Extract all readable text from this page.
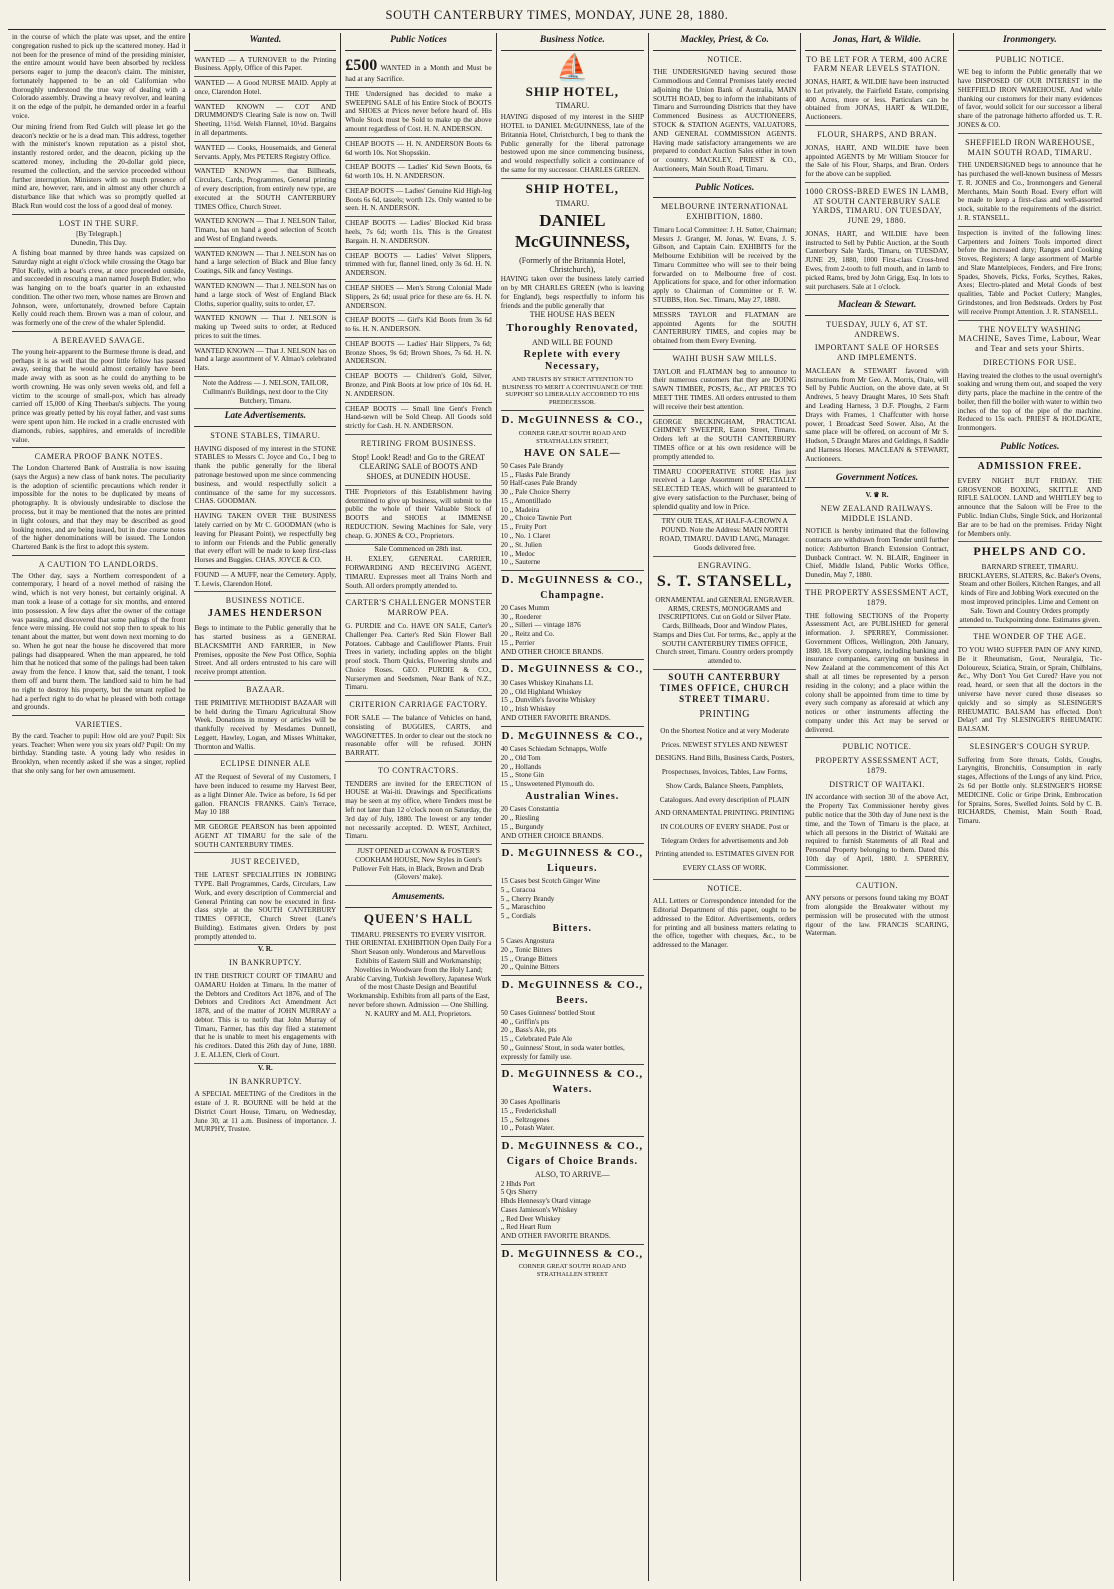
SOUTH CANTERBURY TIMES, MONDAY, JUNE 28, 1880.

in the course of which the plate was upset, and the entire congregation rushed to pick up the scattered money. Had it not been for the presence of mind of the presiding minister, the entire amount would have been absorbed by reckless persons eager to jump the deacon's claim. The minister, fortunately happened to be an old Californian who thoroughly understood the true way of dealing with a Colorado assembly. Drawing a heavy revolver, and leaning it on the edge of the pulpit, he demanded order in a fearful voice.

Our mining friend from Red Gulch will please let go the deacon's necktie or he is a dead man. This address, together with the minister's known reputation as a pistol shot, instantly restored order, and the deacon, picking up the scattered money, including the 20-dollar gold piece, resumed the collection, and the service proceeded without further interruption. Ministers with so much presence of mind are, however, rare, and in almost any other church a disturbance like that which was so promptly quelled at Black Run would cost the loss of a good deal of money.

LOST IN THE SURF.
[By Telegraph.]
Dunedin, This Day.

A fishing boat manned by three hands was capsized on Saturday night at eight o'clock while crossing the Otago bar Pilot Kelly, with a boat's crew, at once proceeded outside, and succeeded in rescuing a man named Joseph Butler, who was hanging on to the boat's quarter in an exhausted condition. The other two men, whose names are Brown and Johnson, were, unfortunately, drowned before Captain Kelly could reach them. Brown was a man of colour, and was formerly one of the crew of the whaler Splendid.

A BEREAVED SAVAGE.

The young heir-apparent to the Burmese throne is dead, and perhaps it is as well that the poor little fellow has passed away, seeing that he would almost certainly have been made away with as soon as he could do anything to be worth crowning. He was only seven weeks old, and fell a victim to the scourge of small-pox, which has already carried off 15,000 of King Theebau's subjects. The young prince was greatly petted by his royal father, and vast sums were spent upon him. He rocked in a cradle encrusted with diamonds, rubies, sapphires, and emeralds of incredible value.

CAMERA PROOF BANK NOTES.

The London Chartered Bank of Australia is now issuing (says the Argus) a new class of bank notes. The peculiarity is the adoption of scientific precautions which render it impossible for the notes to be duplicated by means of photography. It is obviously undesirable to disclose the process, but it may be mentioned that the notes are printed in light colours, and that they may be described as good looking notes, and are being issued, but in due course notes of the higher denominations will be issued. The London Chartered Bank is the first to adopt this system.

A CAUTION TO LANDLORDS.

The Other day, says a Northern correspondent of a contemporary, I heard of a novel method of raising the wind, which is not very honest, but certainly original. A man took a lease of a cottage for six months, and entered into possession. A few days after the owner of the cottage was passing, and discovered that some palings of the front fence were missing. He could not stop then to speak to his tenant about the matter, but went down next morning to do so. When he got near the house he discovered that more palings had disappeared. When the man appeared, he told him that he noticed that some of the palings had been taken away from the fence. I know that, said the tenant, I took them off and burnt them. The landlord said to him he had no right to destroy his property, but the tenant replied he had a perfect right to do what he pleased with both cottage and grounds.

VARIETIES.

By the card. Teacher to pupil: How old are you? Pupil: Six years. Teacher: When were you six years old? Pupil: On my birthday. Standing taste. A young lady who resides in Brooklyn, when recently asked if she was a singer, replied that she only sang for her own amusement.

Wanted.
WANTED — A TURNOVER to the Printing Business. Apply, Office of this Paper.
WANTED — A Good NURSE MAID. Apply at once, Clarendon Hotel.
WANTED KNOWN — COT AND DRUMMOND'S Clearing Sale is now on. Twill Sheeting, 11½d. Welsh Flannel, 10½d. Bargains in all departments.
WANTED — Cooks, Housemaids, and General Servants. Apply, Mrs PETERS Registry Office.
WANTED KNOWN — that Billheads, Circulars, Cards, Programmes, General printing of every description, from entirely new type, are executed at the SOUTH CANTERBURY TIMES Office, Church Street.
WANTED KNOWN — That J. NELSON Tailor, Timaru, has on hand a good selection of Scotch and West of England tweeds.
WANTED KNOWN — That J. NELSON has on hand a large selection of Black and Blue fancy Coatings, Silk and fancy Vestings.
WANTED KNOWN — That J. NELSON has on hand a large stock of West of England Black Cloths, superior quality, suits to order, £7.
WANTED KNOWN — That J. NELSON is making up Tweed suits to order, at Reduced prices to suit the times.
WANTED KNOWN — That J. NELSON has on hand a large assortment of V. Almao's celebrated Hats.
Note the Address — J. NELSON, TAILOR, Cullmann's Buildings, next door to the City Butchery, Timaru.
Late Advertisements.
STONE STABLES, TIMARU.
HAVING disposed of my interest in the STONE STABLES to Messrs C. Joyce and Co., I beg to thank the public generally for the liberal patronage bestowed upon me since commencing business, and would respectfully solicit a continuance of the same for my successors. CHAS. GOODMAN.
HAVING TAKEN OVER THE BUSINESS lately carried on by Mr C. GOODMAN (who is leaving for Pleasant Point), we respectfully beg to inform our Friends and the Public generally that every effort will be made to keep first-class Horses and Buggies. CHAS. JOYCE & CO.
FOUND — A MUFF, near the Cemetery. Apply, T. Lewis, Clarendon Hotel.
BUSINESS NOTICE.
JAMES HENDERSON
Begs to intimate to the Public generally that he has started business as a GENERAL BLACKSMITH AND FARRIER, in New Premises, opposite the New Post Office, Sophia Street. And all orders entrusted to his care will receive prompt attention.
BAZAAR.
THE PRIMITIVE METHODIST BAZAAR will be held during the Timaru Agricultural Show Week. Donations in money or articles will be thankfully received by Mesdames Dunnell, Leggett, Hawley, Logan, and Misses Whittaker, Thornton and Wallis.
ECLIPSE DINNER ALE
AT the Request of Several of my Customers, I have been induced to resume my Harvest Beer, as a light Dinner Ale. Twice as before, 1s 6d per gallon. FRANCIS FRANKS. Cain's Terrace, May 10 188
MR GEORGE PEARSON has been appointed AGENT AT TIMARU for the sale of the SOUTH CANTERBURY TIMES.
JUST RECEIVED,
THE LATEST SPECIALITIES IN JOBBING TYPE. Ball Programmes, Cards, Circulars, Law Work, and every description of Commercial and General Printing can now be executed in first-class style at the SOUTH CANTERBURY TIMES OFFICE, Church Street (Lane's Building). Estimates given. Orders by post promptly attended to.
V. R.
IN BANKRUPTCY.
IN THE DISTRICT COURT OF TIMARU and OAMARU Holden at Timaru. In the matter of the Debtors and Creditors Act 1876, and of The Debtors and Creditors Act Amendment Act 1878, and of the matter of JOHN MURRAY a debtor. This is to notify that John Murray of Timaru, Farmer, has this day filed a statement that he is unable to meet his engagements with his creditors. Dated this 26th day of June, 1880. J. E. ALLEN, Clerk of Court.
V. R.
IN BANKRUPTCY.
A SPECIAL MEETING of the Creditors in the estate of J. R. BOURNE will be held at the District Court House, Timaru, on Wednesday, June 30, at 11 a.m. Business of importance. J. MURPHY, Trustee.
Public Notices
£500 WANTED in a Month and Must be had at any Sacrifice.
THE Undersigned has decided to make a SWEEPING SALE of his Entire Stock of BOOTS and SHOES at Prices never before heard of. His Whole Stock must be Sold to make up the above amount regardless of Cost. H. N. ANDERSON.
CHEAP BOOTS — H. N. ANDERSON Boots 6s 6d worth 10s. Not Shopsskin.
CHEAP BOOTS — Ladies' Kid Sewn Boots, 6s 6d worth 10s. H. N. ANDERSON.
CHEAP BOOTS — Ladies' Genuine Kid High-leg Boots 6s 6d, tassels; worth 12s. Only wanted to be seen. H. N. ANDERSON.
CHEAP BOOTS — Ladies' Blocked Kid brass heels, 7s 6d; worth 11s. This is the Greatest Bargain. H. N. ANDERSON.
CHEAP BOOTS — Ladies' Velvet Slippers, trimmed with fur, flannel lined, only 3s 6d. H. N. ANDERSON.
CHEAP SHOES — Men's Strong Colonial Made Slippers, 2s 6d; usual price for these are 6s. H. N. ANDERSON.
CHEAP BOOTS — Girl's Kid Boots from 3s 6d to 6s. H. N. ANDERSON.
CHEAP BOOTS — Ladies' Hair Slippers, 7s 6d; Bronze Shoes, 9s 6d; Brown Shoes, 7s 6d. H. N. ANDERSON.
CHEAP BOOTS — Children's Gold, Silver, Bronze, and Pink Boots at low price of 10s 6d. H. N. ANDERSON.
CHEAP BOOTS — Small line Gent's French Hand-sewn will be Sold Cheap. All Goods sold strictly for Cash. H. N. ANDERSON.
RETIRING FROM BUSINESS.
Stop! Look! Read! and Go to the GREAT CLEARING SALE of BOOTS AND SHOES, at DUNEDIN HOUSE.
THE Proprietors of this Establishment having determined to give up business, will submit to the public the whole of their Valuable Stock of BOOTS and SHOES at IMMENSE REDUCTION. Sewing Machines for Sale, very cheap. G. JONES & CO., Proprietors.
Sale Commenced on 28th inst.
H. EXLEY, GENERAL CARRIER, FORWARDING AND RECEIVING AGENT, TIMARU. Expresses meet all Trains North and South. All orders promptly attended to.
CARTER'S CHALLENGER MONSTER MARROW PEA.
G. PURDIE and Co. HAVE ON SALE, Carter's Challenger Pea. Carter's Red Skin Flower Ball Potatoes. Cabbage and Cauliflower Plants. Fruit Trees in variety, including apples on the blight proof stock. Thorn Quicks, Flowering shrubs and Choice Roses. GEO. PURDIE & CO., Nurserymen and Seedsmen, Near Bank of N.Z., Timaru.
CRITERION CARRIAGE FACTORY.
FOR SALE — The balance of Vehicles on hand, consisting of BUGGIES, CARTS, and WAGONETTES. In order to clear out the stock no reasonable offer will be refused. JOHN BARRATT.
TO CONTRACTORS.
TENDERS are invited for the ERECTION of HOUSE at Wai-iti. Drawings and Specifications may be seen at my office, where Tenders must be left not later than 12 o'clock noon on Saturday, the 3rd day of July, 1880. The lowest or any tender not necessarily accepted. D. WEST, Architect, Timaru.
JUST OPENED at COWAN & FOSTER'S COOKHAM HOUSE, New Styles in Gent's Pullover Felt Hats, in Black, Brown and Drab (Glovers' make).
Amusements.
QUEEN'S HALL
TIMARU. PRESENTS TO EVERY VISITOR. THE ORIENTAL EXHIBITION Open Daily For a Short Season only. Wonderous and Marvellous Exhibits of Eastern Skill and Workmanship; Novelties in Woodware from the Holy Land; Arabic Carving, Turkish Jewellery, Japanese Work of the most Chaste Design and Beautiful Workmanship. Exhibits from all parts of the East, never before shown. Admission — One Shilling. N. KAURY and M. ALI, Proprietors.
Business Notice.
⛵
SHIP HOTEL,
TIMARU.
HAVING disposed of my interest in the SHIP HOTEL to DANIEL McGUINNESS, late of the Britannia Hotel, Christchurch, I beg to thank the Public generally for the liberal patronage bestowed upon me since commencing business, and would respectfully solicit a continuance of the same for my successor. CHARLES GREEN.
SHIP HOTEL,
TIMARU.
DANIEL McGUINNESS,
(Formerly of the Britannia Hotel, Christchurch),
HAVING taken over the business lately carried on by MR CHARLES GREEN (who is leaving for England), begs respectfully to inform his friends and the public generally that
THE HOUSE HAS BEEN
Thoroughly Renovated,
AND WILL BE FOUND
Replete with every Necessary,
AND TRUSTS BY STRICT ATTENTION TO BUSINESS TO MERIT A CONTINUANCE OF THE SUPPORT SO LIBERALLY ACCORDED TO HIS PREDECESSOR.
D. McGUINNESS & CO.,
CORNER GREAT SOUTH ROAD AND STRATHALLEN STREET,
HAVE ON SALE—
50 Cases Pale Brandy
15 ,, Flasks Pale Brandy
50 Half-cases Pale Brandy
30 ,, Pale Choice Sherry
15 ,, Amontillado
10 ,, Madeira
20 ,, Choice Tawnie Port
15 ,, Fruity Port
10 ,, No. 1 Claret
20 ,, St. Julien
10 ,, Medoc
10 ,, Sauterne
D. McGUINNESS & CO.,
Champagne.
20 Cases Mumm
30 ,, Roederer
20 ,, Silleri — vintage 1876
20 ,, Reitz and Co.
15 ,, Perrier
AND OTHER CHOICE BRANDS.
D. McGUINNESS & CO.,
30 Cases Whiskey Kinahans LL
20 ,, Old Highland Whiskey
15 ,, Dunville's favorite Whiskey
10 ,, Irish Whiskey
AND OTHER FAVORITE BRANDS.
D. McGUINNESS & CO.,
40 Cases Schiedam Schnapps, Wolfe
20 ,, Old Tom
20 ,, Hollands
15 ,, Stone Gin
15 ,, Unsweetened Plymouth do.
Australian Wines.
20 Cases Constantia
20 ,, Riesling
15 ,, Burgundy
AND OTHER CHOICE BRANDS.
D. McGUINNESS & CO.,
Liqueurs.
15 Cases best Scotch Ginger Wine
5 ,, Curacoa
5 ,, Cherry Brandy
5 ,, Maraschino
5 ,, Cordials
Bitters.
5 Cases Angostura
20 ,, Tonic Bitters
15 ,, Orange Bitters
20 ,, Quinine Bitters
D. McGUINNESS & CO.,
Beers.
50 Cases Guinness' bottled Stout
40 ,, Griffin's pts
20 ,, Bass's Ale, pts
15 ,, Celebrated Pale Ale
50 ,, Guinness' Stout, in soda water bottles, expressly for family use.
D. McGUINNESS & CO.,
Waters.
30 Cases Apollinaris
15 ,, Frederickshall
15 ,, Seltzogenes
10 ,, Potash Water.
D. McGUINNESS & CO.,
Cigars of Choice Brands.
ALSO, TO ARRIVE—
2 Hhds Port
5 Qrs Sherry
Hhds Hennessy's Otard vintage
Cases Jamieson's Whiskey
,, Red Deer Whiskey
,, Red Heart Rum
AND OTHER FAVORITE BRANDS.
D. McGUINNESS & CO.,
CORNER GREAT SOUTH ROAD AND STRATHALLEN STREET
Mackley, Priest, & Co.
NOTICE.
THE UNDERSIGNED having secured those Commodious and Central Premises lately erected adjoining the Union Bank of Australia, MAIN SOUTH ROAD, beg to inform the inhabitants of Timaru and Surrounding Districts that they have Commenced Business as AUCTIONEERS, STOCK & STATION AGENTS, VALUATORS, AND GENERAL COMMISSION AGENTS. Having made satisfactory arrangements we are prepared to conduct Auction Sales either in town or country. MACKLEY, PRIEST & CO., Auctioneers, Main South Road, Timaru.
Public Notices.
MELBOURNE INTERNATIONAL EXHIBITION, 1880.
Timaru Local Committee: J. H. Sutter, Chairman; Messrs J. Granger, M. Jonas, W. Evans, J. S. Gibson, and Captain Cain. EXHIBITS for the Melbourne Exhibition will be received by the Timaru Committee who will see to their being forwarded on to Melbourne free of cost. Applications for space, and for other information apply to Chairman of Committee or F. W. STUBBS, Hon. Sec. Timaru, May 27, 1880.
MESSRS TAYLOR and FLATMAN are appointed Agents for the SOUTH CANTERBURY TIMES, and copies may be obtained from them Every Evening.
WAIHI BUSH SAW MILLS.
TAYLOR and FLATMAN beg to announce to their numerous customers that they are DOING SAWN TIMBER, POSTS, &c., AT PRICES TO MEET THE TIMES. All orders entrusted to them will receive their best attention.
GEORGE BECKINGHAM, PRACTICAL CHIMNEY SWEEPER, Eaton Street, Timaru. Orders left at the SOUTH CANTERBURY TIMES office or at his own residence will be promptly attended to.
TIMARU COOPERATIVE STORE Has just received a Large Assortment of SPECIALLY SELECTED TEAS, which will be guaranteed to give every satisfaction to the Purchaser, being of splendid quality and low in Price.
TRY OUR TEAS, AT HALF-A-CROWN A POUND. Note the Address: MAIN NORTH ROAD, TIMARU. DAVID LANG, Manager. Goods delivered free.
ENGRAVING.
S. T. STANSELL,
ORNAMENTAL and GENERAL ENGRAVER. ARMS, CRESTS, MONOGRAMS and INSCRIPTIONS. Cut on Gold or Silver Plate. Cards, Billheads, Door and Window Plates, Stamps and Dies Cut. For terms, &c., apply at the SOUTH CANTERBURY TIMES OFFICE, Church street, Timaru. Country orders promptly attended to.
SOUTH CANTERBURY TIMES OFFICE, CHURCH STREET TIMARU.
PRINTING
On the Shortest Notice and at very Moderate Prices. NEWEST STYLES AND NEWEST DESIGNS. Hand Bills, Business Cards, Posters, Prospectuses, Invoices, Tables, Law Forms, Show Cards, Balance Sheets, Pamphlets, Catalogues. And every description of PLAIN AND ORNAMENTAL PRINTING. PRINTING IN COLOURS OF EVERY SHADE. Post or Telegram Orders for advertisements and Job Printing attended to. ESTIMATES GIVEN FOR EVERY CLASS OF WORK.
NOTICE.
ALL Letters or Correspondence intended for the Editorial Department of this paper, ought to be addressed to the Editor. Advertisements, orders for printing and all business matters relating to the office, together with cheques, &c., to be addressed to the Manager.
Jonas, Hart, & Wildie.
TO BE LET FOR A TERM, 400 ACRE FARM NEAR LEVELS STATION.
JONAS, HART, & WILDIE have been instructed to Let privately, the Fairfield Estate, comprising 400 Acres, more or less. Particulars can be obtained from JONAS, HART & WILDIE, Auctioneers.
FLOUR, SHARPS, AND BRAN.
JONAS, HART, AND WILDIE have been appointed AGENTS by Mr William Stoucer for the Sale of his Flour, Sharps, and Bran. Orders for the above can be supplied.
1000 CROSS-BRED EWES IN LAMB, AT SOUTH CANTERBURY SALE YARDS, TIMARU. ON TUESDAY, JUNE 29, 1880.
JONAS, HART, and WILDIE have been instructed to Sell by Public Auction, at the South Canterbury Sale Yards, Timaru, on TUESDAY, JUNE 29, 1880, 1000 First-class Cross-bred Ewes, from 2-tooth to full mouth, and in lamb to picked Rams, bred by John Grigg, Esq. In lots to suit purchasers. Sale at 1 o'clock.
Maclean & Stewart.
TUESDAY, JULY 6, AT ST. ANDREWS.
IMPORTANT SALE OF HORSES AND IMPLEMENTS.
MACLEAN & STEWART favored with instructions from Mr Geo. A. Morris, Otaio, will Sell by Public Auction, on the above date, at St Andrews, 5 heavy Draught Mares, 10 Sets Shaft and Leading Harness, 3 D.F. Ploughs, 2 Farm Drays with Frames, 1 Chaffcutter with horse power, 1 Broadcast Seed Sower. Also, At the same place will be offered, on account of Mr S. Hudson, 5 Draught Mares and Geldings, 8 Saddle and Harness Horses. MACLEAN & STEWART, Auctioneers.
Government Notices.
V. ♛ R.
NEW ZEALAND RAILWAYS. MIDDLE ISLAND.
NOTICE is hereby intimated that the following contracts are withdrawn from Tender until further notice: Ashburton Branch Extension Contract, Dunback Contract. W. N. BLAIR, Engineer in Chief, Middle Island, Public Works Office, Dunedin, May 7, 1880.
THE PROPERTY ASSESSMENT ACT, 1879.
THE following SECTIONS of the Property Assessment Act, are PUBLISHED for general information. J. SPERREY, Commissioner. Government Offices, Wellington, 20th January, 1880. 18. Every company, including banking and insurance companies, carrying on business in New Zealand at the commencement of this Act shall at all times be represented by a person residing in the colony; and a place within the colony shall be appointed from time to time by every such company as aforesaid at which any notices or other instruments affecting the company under this Act may be served or delivered.
PUBLIC NOTICE.
PROPERTY ASSESSMENT ACT, 1879.
DISTRICT OF WAITAKI.
IN accordance with section 30 of the above Act, the Property Tax Commissioner hereby gives public notice that the 30th day of June next is the time, and the Town of Timaru is the place, at which all persons in the District of Waitaki are required to furnish Statements of all Real and Personal Property belonging to them. Dated this 10th day of April, 1880. J. SPERREY, Commissioner.
CAUTION.
ANY persons or persons found taking my BOAT from alongside the Breakwater without my permission will be prosecuted with the utmost rigour of the law. FRANCIS SCARING, Waterman.
Ironmongery.
PUBLIC NOTICE.
WE beg to inform the Public generally that we have DISPOSED OF OUR INTEREST in the SHEFFIELD IRON WAREHOUSE. And while thanking our customers for their many evidences of favor, would solicit for our successor a liberal share of the patronage hitherto afforded us. T. R. JONES & CO.
SHEFFIELD IRON WAREHOUSE, MAIN SOUTH ROAD, TIMARU.
THE UNDERSIGNED begs to announce that he has purchased the well-known business of Messrs T. R. JONES and Co., Ironmongers and General Merchants, Main South Road. Every effort will be made to keep a first-class and well-assorted stock, suitable to the requirements of the district. J. R. STANSELL.
Inspection is invited of the following lines: Carpenters and Joiners Tools imported direct before the increased duty; Ranges and Cooking Stoves, Registers; A large assortment of Marble and Slate Mantelpieces, Fenders, and Fire Irons; Spades, Shovels, Picks, Forks, Scythes, Rakes, Axes; Electro-plated and Metal Goods of best qualities, Table and Pocket Cutlery; Mangles, Grindstones, and Iron Bedsteads. Orders by Post will receive Prompt Attention. J. R. STANSELL.
THE NOVELTY WASHING MACHINE, Saves Time, Labour, Wear and Tear and sets your Shirts.
DIRECTIONS FOR USE.
Having treated the clothes to the usual overnight's soaking and wrung them out, and soaped the very dirty parts, place the machine in the centre of the boiler, then fill the boiler with water to within two inches of the top of the pipe of the machine. Reduced to 15s each. PRIEST & HOLDGATE, Ironmongers.
Public Notices.
ADMISSION FREE.
EVERY NIGHT BUT FRIDAY. THE GROSVENOR BOXING, SKITTLE AND RIFLE SALOON. LAND and WHITLEY beg to announce that the Saloon will be Free to the Public. Indian Clubs, Single Stick, and Horizontal Bar are to be had on the premises. Friday Night for Members only.
PHELPS AND CO.
BARNARD STREET, TIMARU. BRICKLAYERS, SLATERS, &c. Baker's Ovens, Steam and other Boilers, Kitchen Ranges, and all kinds of Fire and Jobbing Work executed on the most improved principles. Lime and Cement on Sale. Town and Country Orders promptly attended to. Tuckpointing done. Estimates given.
THE WONDER OF THE AGE.
TO YOU WHO SUFFER PAIN OF ANY KIND, Be it Rheumatism, Gout, Neuralgia, Tic-Doloureux, Sciatica, Strain, or Sprain, Chilblains, &c., Why Don't You Get Cured? Have you not read, heard, or seen that all the doctors in the universe have never cured those diseases so quickly and so simply as SLESINGER'S RHEUMATIC BALSAM has effected. Don't Delay! and Try SLESINGER'S RHEUMATIC BALSAM.
SLESINGER'S COUGH SYRUP.
Suffering from Sore throats, Colds, Coughs, Laryngitis, Bronchitis, Consumption in early stages, Affections of the Lungs of any kind. Price, 2s 6d per Bottle only. SLESINGER'S HORSE MEDICINE. Colic or Gripe Drink, Embrocation for Sprains, Sores, Swelled Joints. Sold by C. B. RICHARDS, Chemist, Main South Road, Timaru.
